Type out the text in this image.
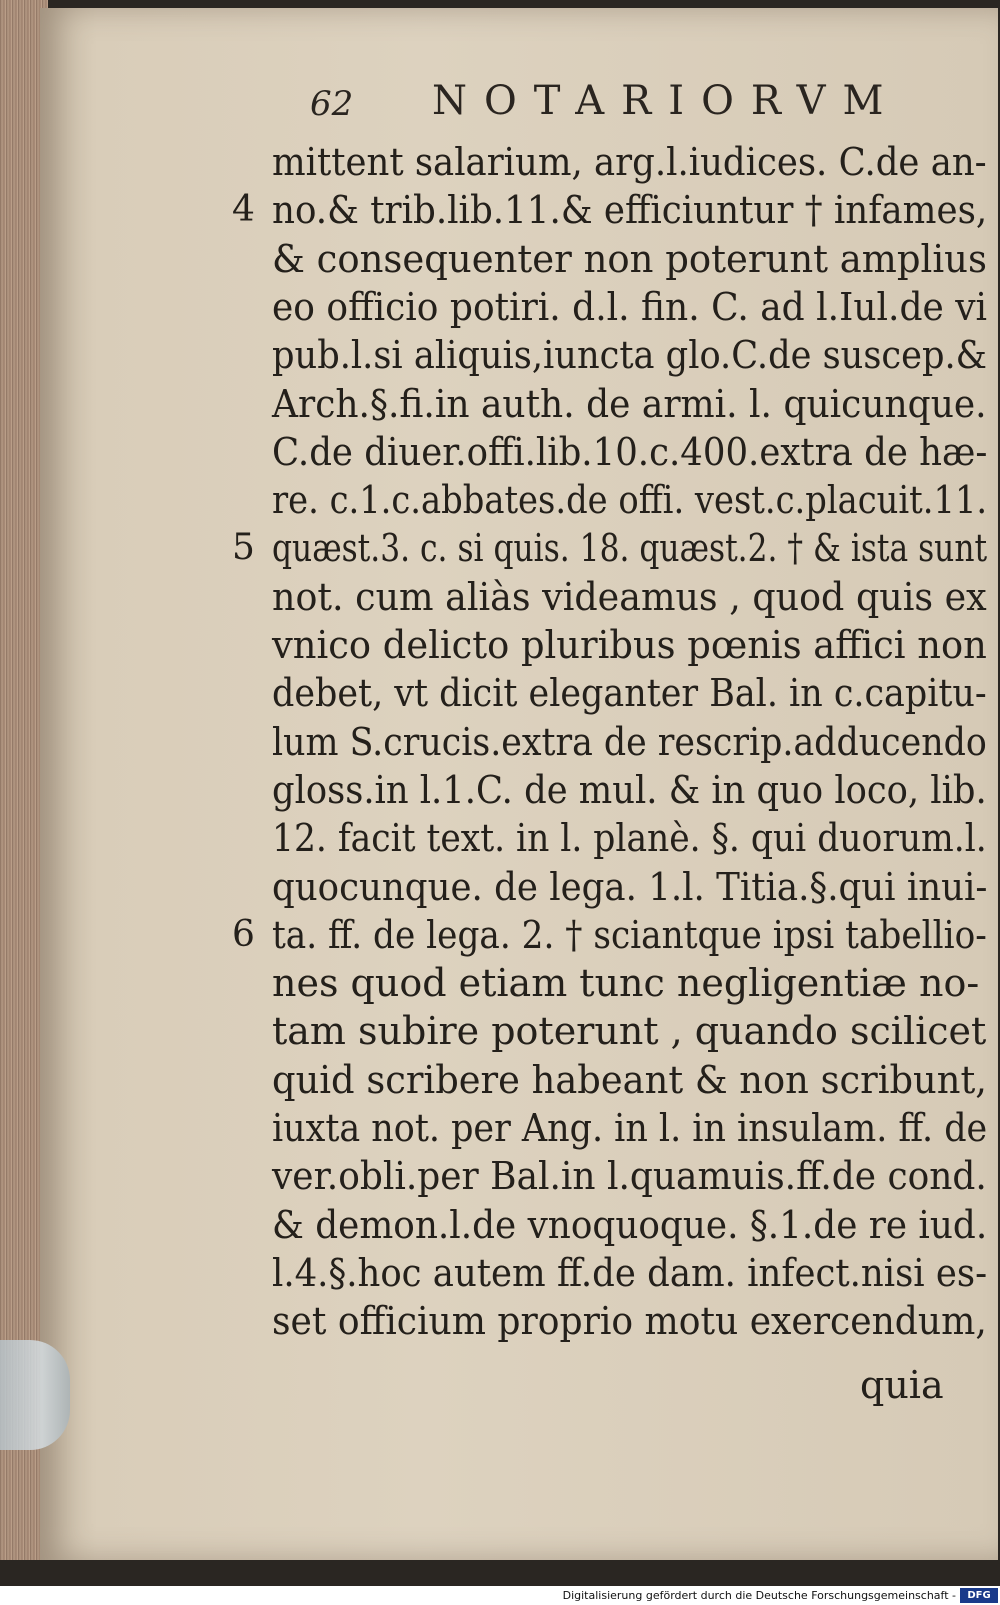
62 NOTARIORVM
mittent salarium, arg.l.iudices. C.de an-
4 no.& trib.lib.11.& efficiuntur † infames,
& consequenter non poterunt amplius
eo officio potiri. d.l. fin. C. ad l.Iul.de vi
pub.l.si aliquis,iuncta glo.C.de suscep.&
Arch.§.fi.in auth. de armi. l. quicunque.
C.de diuer.offi.lib.10.c.400.extra de hæ-
re. c.1.c.abbates.de offi. vest.c.placuit.11.
5 quæst.3. c. si quis. 18. quæst.2. † & ista sunt
not. cum aliàs videamus , quod quis ex
vnico delicto pluribus pœnis affici non
debet, vt dicit eleganter Bal. in c.capitu-
lum S.crucis.extra de rescrip.adducendo
gloss.in l.1.C. de mul. & in quo loco, lib.
12. facit text. in l. planè. §. qui duorum.l.
quocunque. de lega. 1.l. Titia.§.qui inui-
6 ta. ff. de lega. 2. † sciantque ipsi tabellio-
nes quod etiam tunc negligentiæ no-
tam subire poterunt , quando scilicet
quid scribere habeant & non scribunt,
iuxta not. per Ang. in l. in insulam. ff. de
ver.obli.per Bal.in l.quamuis.ff.de cond.
& demon.l.de vnoquoque. §.1.de re iud.
l.4.§.hoc autem ff.de dam. infect.nisi es-
set officium proprio motu exercendum,
quia
Digitalisierung gefördert durch die Deutsche Forschungsgemeinschaft -	DFG
